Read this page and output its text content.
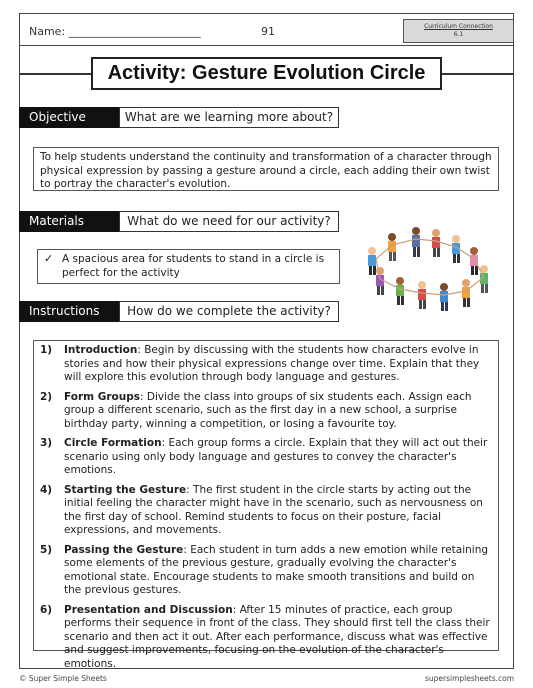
Name: ________________________	91	Curriculum Connection
6.1
Activity: Gesture Evolution Circle
Objective	What are we learning more about?
To help students understand the continuity and transformation of a character through physical expression by passing a gesture around a circle, each adding their own twist to portray the character's evolution.
Materials	What do we need for our activity?
✓ A spacious area for students to stand in a circle is perfect for the activity
Instructions	How do we complete the activity?
1) Introduction: Begin by discussing with the students how characters evolve in stories and how their physical expressions change over time. Explain that they will explore this evolution through body language and gestures.
2) Form Groups: Divide the class into groups of six students each. Assign each group a different scenario, such as the first day in a new school, a surprise birthday party, winning a competition, or losing a favourite toy.
3) Circle Formation: Each group forms a circle. Explain that they will act out their scenario using only body language and gestures to convey the character's emotions.
4) Starting the Gesture: The first student in the circle starts by acting out the initial feeling the character might have in the scenario, such as nervousness on the first day of school. Remind students to focus on their posture, facial expressions, and movements.
5) Passing the Gesture: Each student in turn adds a new emotion while retaining some elements of the previous gesture, gradually evolving the character's emotional state. Encourage students to make smooth transitions and build on the previous gestures.
6) Presentation and Discussion: After 15 minutes of practice, each group performs their sequence in front of the class. They should first tell the class their scenario and then act it out. After each performance, discuss what was effective and suggest improvements, focusing on the evolution of the character's emotions.
© Super Simple Sheets	supersimplesheets.com
